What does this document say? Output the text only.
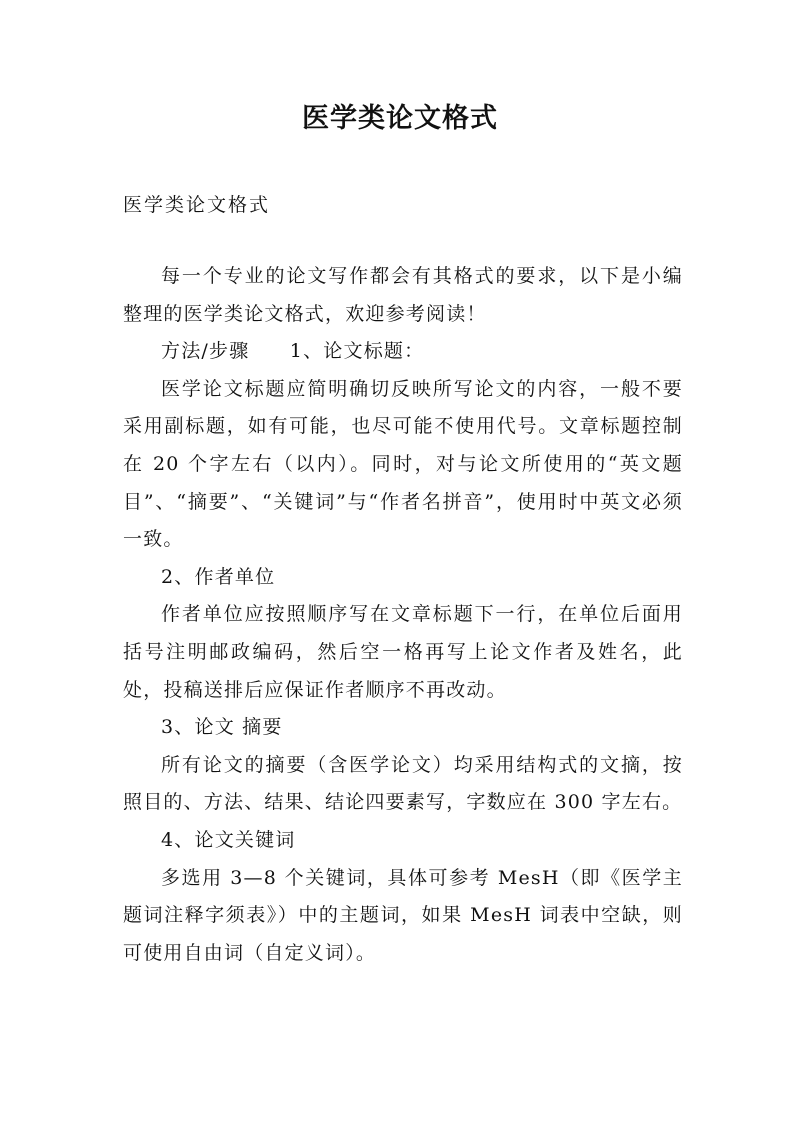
医学类论文格式
医学类论文格式

每一个专业的论文写作都会有其格式的要求，以下是小编整理的医学类论文格式，欢迎参考阅读！

方法/步骤　　1、论文标题：

医学论文标题应简明确切反映所写论文的内容，一般不要采用副标题，如有可能，也尽可能不使用代号。文章标题控制在 20 个字左右（以内）。同时，对与论文所使用的“英文题目”、“摘要”、“关键词”与“作者名拼音”，使用时中英文必须一致。

2、作者单位

作者单位应按照顺序写在文章标题下一行，在单位后面用括号注明邮政编码，然后空一格再写上论文作者及姓名，此处，投稿送排后应保证作者顺序不再改动。

3、论文 摘要

所有论文的摘要（含医学论文）均采用结构式的文摘，按照目的、方法、结果、结论四要素写，字数应在 300 字左右。

4、论文关键词

多选用 3—8 个关键词，具体可参考 MesH（即《医学主题词注释字须表》）中的主题词，如果 MesH 词表中空缺，则可使用自由词（自定义词）。
